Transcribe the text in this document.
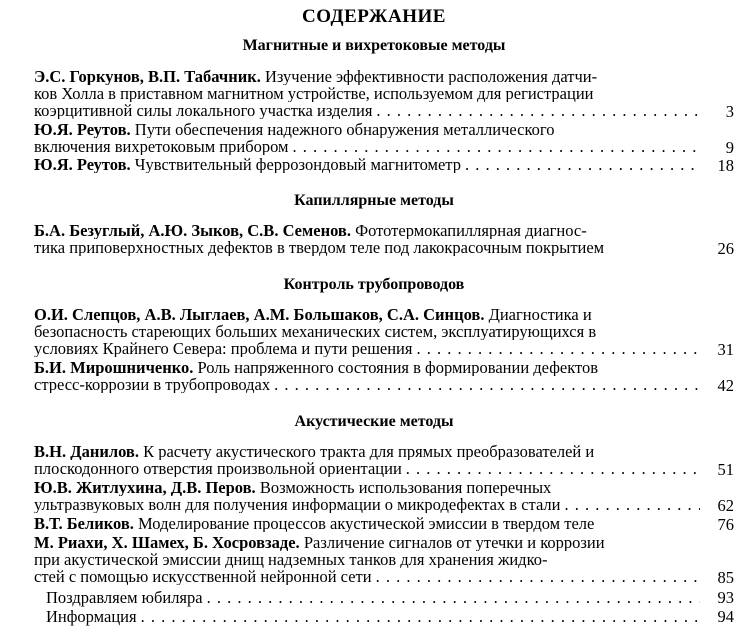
СОДЕРЖАНИЕ
Магнитные и вихретоковые методы
Э.С. Горкунов, В.П. Табачник. Изучение эффективности расположения датчи-
ков Холла в приставном магнитном устройстве, используемом для регистрации
коэрцитивной силы локального участка изделия . . .	3
Ю.Я. Реутов. Пути обеспечения надежного обнаружения металлического
включения вихретоковым прибором . . .	9
Ю.Я. Реутов. Чувствительный феррозондовый магнитометр . . .	18
Капиллярные методы
Б.А. Безуглый, А.Ю. Зыков, С.В. Семенов. Фототермокапиллярная диагнос-
тика приповерхностных дефектов в твердом теле под лакокрасочным покрытием	26
Контроль трубопроводов
О.И. Слепцов, А.В. Лыглаев, А.М. Большаков, С.А. Синцов. Диагностика и
безопасность стареющих больших механических систем, эксплуатирующихся в
условиях Крайнего Севера: проблема и пути решения . . .	31
Б.И. Мирошниченко. Роль напряженного состояния в формировании дефектов
стресс-коррозии в трубопроводах . . .	42
Акустические методы
В.Н. Данилов. К расчету акустического тракта для прямых преобразователей и
плоскодонного отверстия произвольной ориентации . . .	51
Ю.В. Житлухина, Д.В. Перов. Возможность использования поперечных
ультразвуковых волн для получения информации о микродефектах в стали . . .	62
В.Т. Беликов. Моделирование процессов акустической эмиссии в твердом теле	76
М. Риахи, Х. Шамех, Б. Хосровзаде. Различение сигналов от утечки и коррозии
при акустической эмиссии днищ надземных танков для хранения жидко-
стей с помощью искусственной нейронной сети . . .	85
Поздравляем юбиляра . . .	93
Информация . . .	94
